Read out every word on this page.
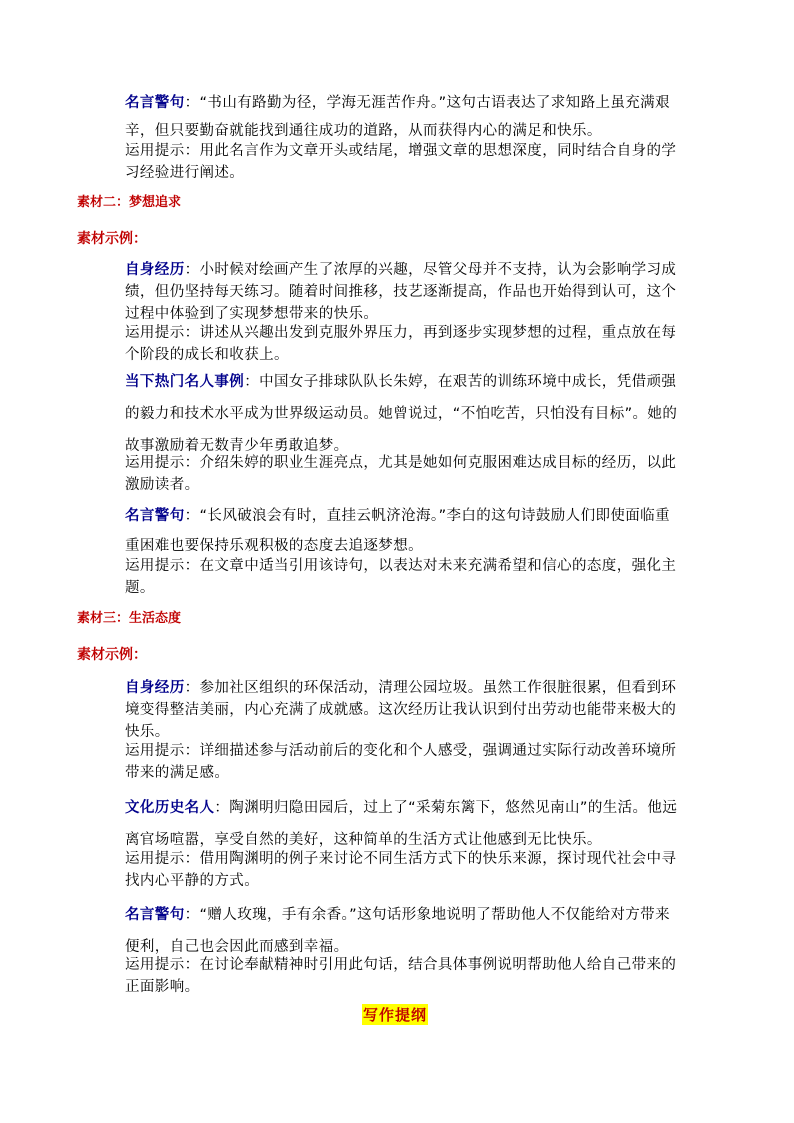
名言警句：“书山有路勤为径，学海无涯苦作舟。”这句古语表达了求知路上虽充满艰
辛，但只要勤奋就能找到通往成功的道路，从而获得内心的满足和快乐。

运用提示：用此名言作为文章开头或结尾，增强文章的思想深度，同时结合自身的学
习经验进行阐述。

素材二：梦想追求

素材示例：

自身经历：小时候对绘画产生了浓厚的兴趣，尽管父母并不支持，认为会影响学习成
绩，但仍坚持每天练习。随着时间推移，技艺逐渐提高，作品也开始得到认可，这个
过程中体验到了实现梦想带来的快乐。

运用提示：讲述从兴趣出发到克服外界压力，再到逐步实现梦想的过程，重点放在每
个阶段的成长和收获上。

当下热门名人事例：中国女子排球队队长朱婷，在艰苦的训练环境中成长，凭借顽强
的毅力和技术水平成为世界级运动员。她曾说过，“不怕吃苦，只怕没有目标”。她的
故事激励着无数青少年勇敢追梦。

运用提示：介绍朱婷的职业生涯亮点，尤其是她如何克服困难达成目标的经历，以此
激励读者。

名言警句：“长风破浪会有时，直挂云帆济沧海。”李白的这句诗鼓励人们即使面临重
重困难也要保持乐观积极的态度去追逐梦想。

运用提示：在文章中适当引用该诗句，以表达对未来充满希望和信心的态度，强化主
题。

素材三：生活态度

素材示例：

自身经历：参加社区组织的环保活动，清理公园垃圾。虽然工作很脏很累，但看到环
境变得整洁美丽，内心充满了成就感。这次经历让我认识到付出劳动也能带来极大的
快乐。

运用提示：详细描述参与活动前后的变化和个人感受，强调通过实际行动改善环境所
带来的满足感。

文化历史名人：陶渊明归隐田园后，过上了“采菊东篱下，悠然见南山”的生活。他远
离官场喧嚣，享受自然的美好，这种简单的生活方式让他感到无比快乐。

运用提示：借用陶渊明的例子来讨论不同生活方式下的快乐来源，探讨现代社会中寻
找内心平静的方式。

名言警句：“赠人玫瑰，手有余香。”这句话形象地说明了帮助他人不仅能给对方带来
便利，自己也会因此而感到幸福。

运用提示：在讨论奉献精神时引用此句话，结合具体事例说明帮助他人给自己带来的
正面影响。

写作提纲
